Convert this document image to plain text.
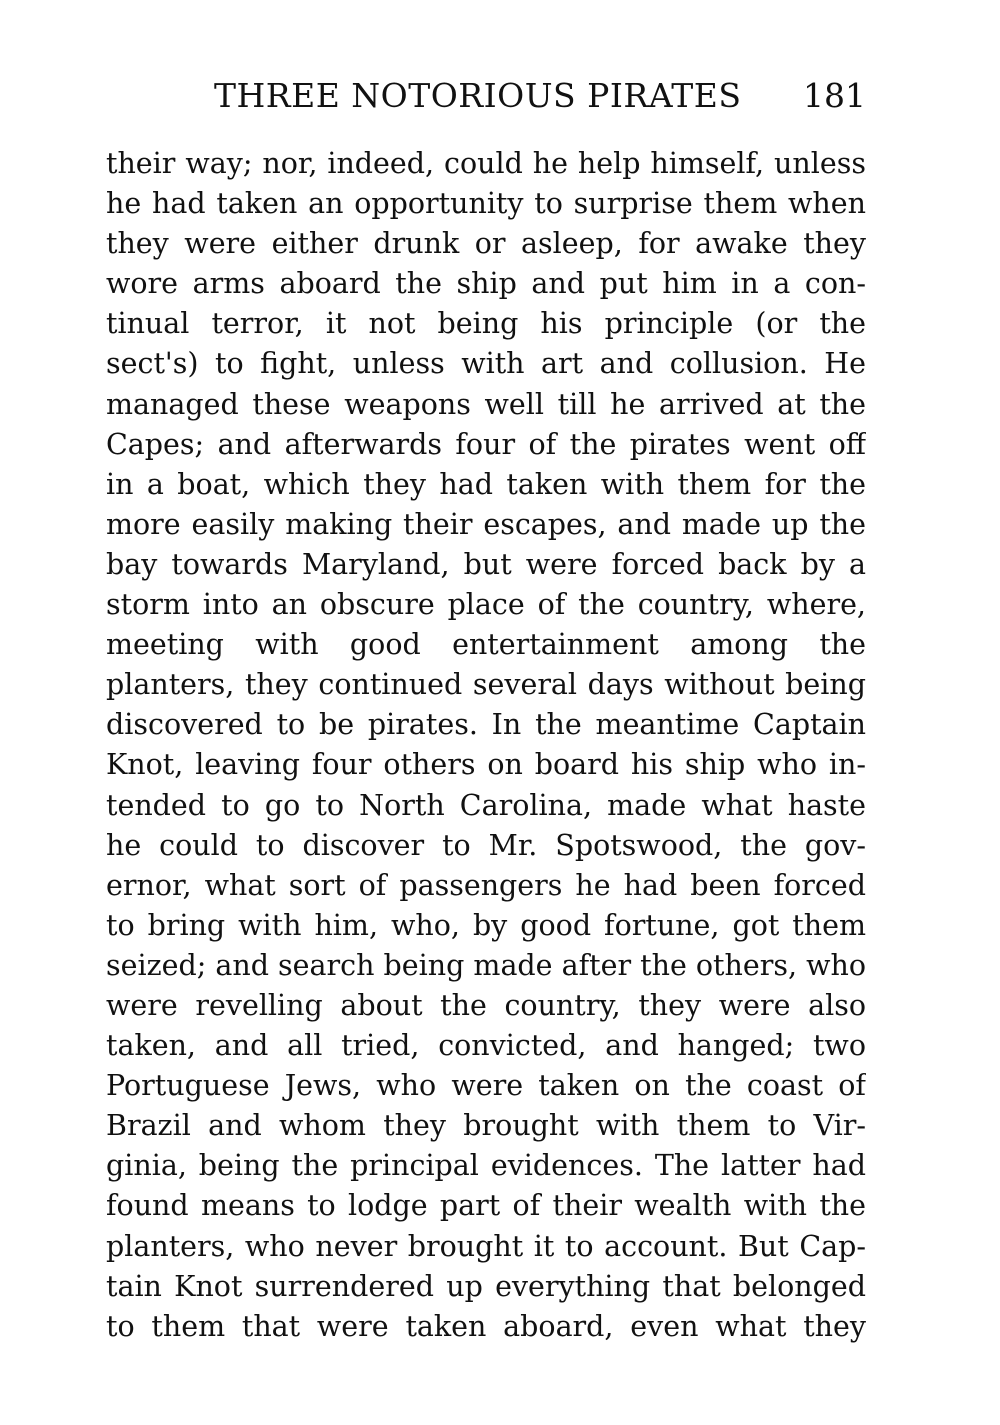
THREE NOTORIOUS PIRATES 181
their way; nor, indeed, could he help himself, unless
he had taken an opportunity to surprise them when
they were either drunk or asleep, for awake they
wore arms aboard the ship and put him in a con-
tinual terror, it not being his principle (or the
sect's) to fight, unless with art and collusion. He
managed these weapons well till he arrived at the
Capes; and afterwards four of the pirates went off
in a boat, which they had taken with them for the
more easily making their escapes, and made up the
bay towards Maryland, but were forced back by a
storm into an obscure place of the country, where,
meeting with good entertainment among the
planters, they continued several days without being
discovered to be pirates. In the meantime Captain
Knot, leaving four others on board his ship who in-
tended to go to North Carolina, made what haste
he could to discover to Mr. Spotswood, the gov-
ernor, what sort of passengers he had been forced
to bring with him, who, by good fortune, got them
seized; and search being made after the others, who
were revelling about the country, they were also
taken, and all tried, convicted, and hanged; two
Portuguese Jews, who were taken on the coast of
Brazil and whom they brought with them to Vir-
ginia, being the principal evidences. The latter had
found means to lodge part of their wealth with the
planters, who never brought it to account. But Cap-
tain Knot surrendered up everything that belonged
to them that were taken aboard, even what they
